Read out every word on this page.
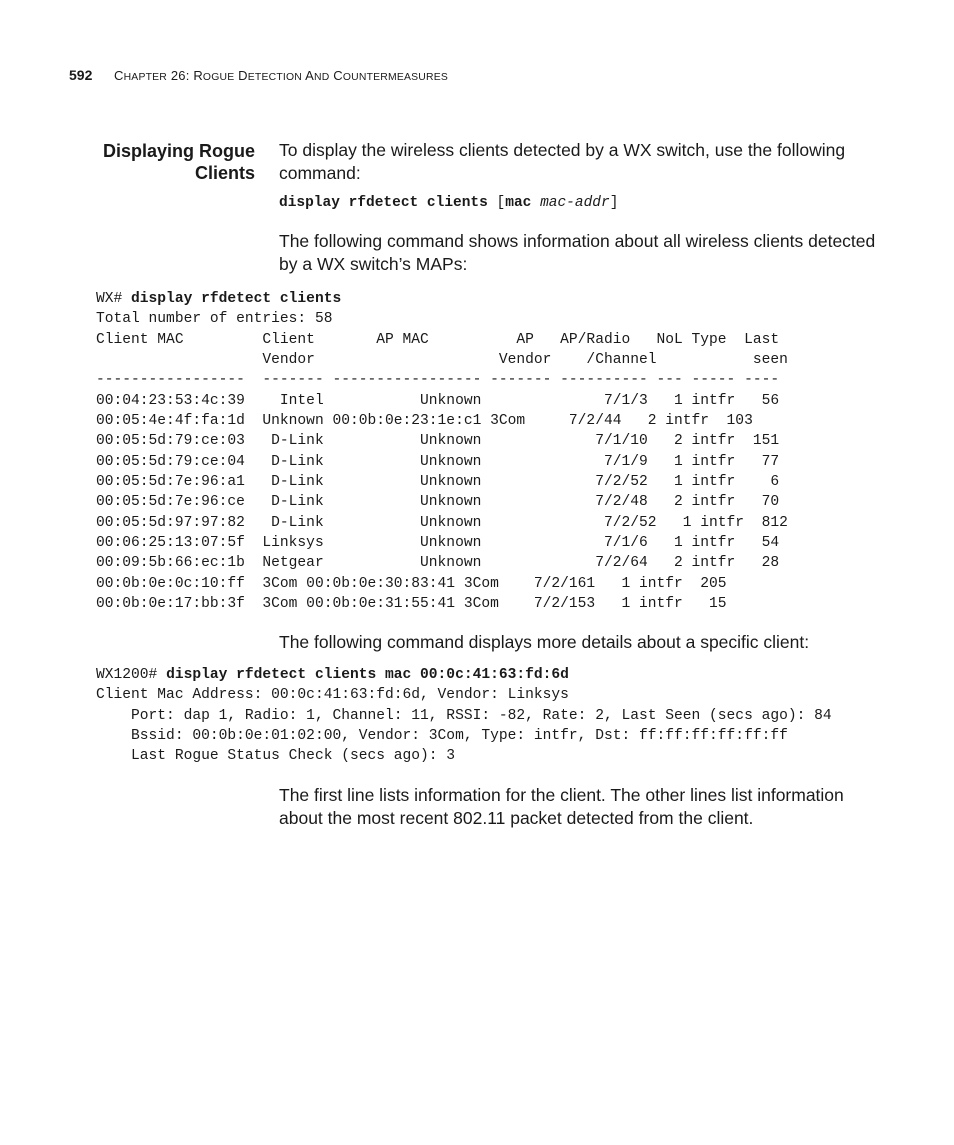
592 CHAPTER 26: ROGUE DETECTION AND COUNTERMEASURES
Displaying Rogue
Clients
To display the wireless clients detected by a WX switch, use the following command:
display rfdetect clients [mac mac-addr]
The following command shows information about all wireless clients detected by a WX switch’s MAPs:
WX# display rfdetect clients
Total number of entries: 58
Client MAC         Client       AP MAC          AP   AP/Radio   NoL Type  Last
Vendor                     Vendor    /Channel           seen
-----------------  ------- ----------------- ------- ---------- --- ----- ----
00:04:23:53:4c:39    Intel           Unknown              7/1/3   1 intfr   56
00:05:4e:4f:fa:1d  Unknown 00:0b:0e:23:1e:c1 3Com     7/2/44   2 intfr  103
00:05:5d:79:ce:03   D-Link           Unknown             7/1/10   2 intfr  151
00:05:5d:79:ce:04   D-Link           Unknown              7/1/9   1 intfr   77
00:05:5d:7e:96:a1   D-Link           Unknown             7/2/52   1 intfr    6
00:05:5d:7e:96:ce   D-Link           Unknown             7/2/48   2 intfr   70
00:05:5d:97:97:82   D-Link           Unknown              7/2/52   1 intfr  812
00:06:25:13:07:5f  Linksys           Unknown              7/1/6   1 intfr   54
00:09:5b:66:ec:1b  Netgear           Unknown             7/2/64   2 intfr   28
00:0b:0e:0c:10:ff  3Com 00:0b:0e:30:83:41 3Com    7/2/161   1 intfr  205
00:0b:0e:17:bb:3f  3Com 00:0b:0e:31:55:41 3Com    7/2/153   1 intfr   15
The following command displays more details about a specific client:
WX1200# display rfdetect clients mac 00:0c:41:63:fd:6d
Client Mac Address: 00:0c:41:63:fd:6d, Vendor: Linksys
Port: dap 1, Radio: 1, Channel: 11, RSSI: -82, Rate: 2, Last Seen (secs ago): 84
Bssid: 00:0b:0e:01:02:00, Vendor: 3Com, Type: intfr, Dst: ff:ff:ff:ff:ff:ff
Last Rogue Status Check (secs ago): 3
The first line lists information for the client. The other lines list information about the most recent 802.11 packet detected from the client.
